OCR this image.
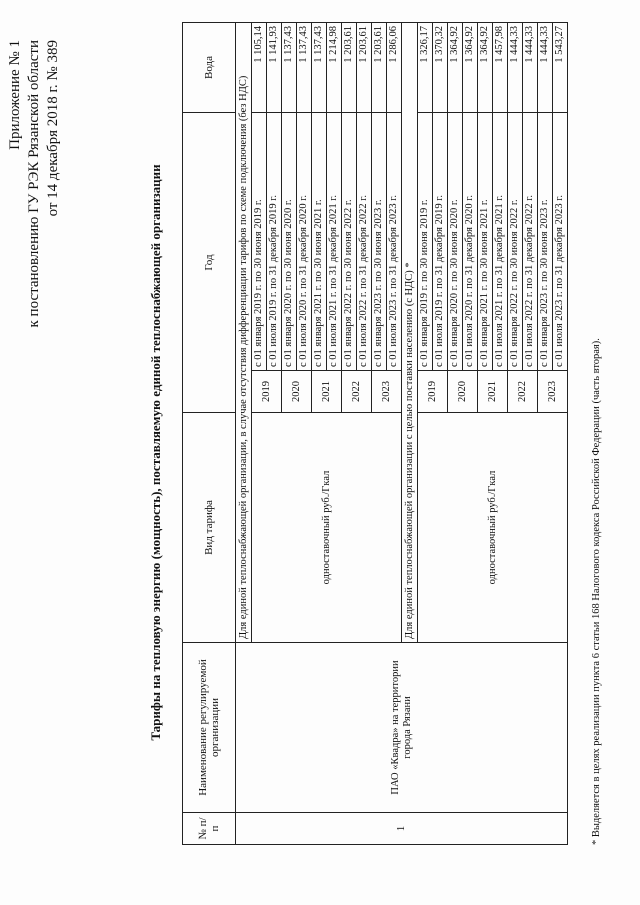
Приложение № 1 к постановлению ГУ РЭК Рязанской области от 14 декабря 2018 г. № 389
Тарифы на тепловую энергию (мощность), поставляемую единой теплоснабжающей организации
№ п/п	Наименование регулируемой организации	Вид тарифа	Год		Вода
1	ПАО «Квадра» на территории города Рязани	Для единой теплоснабжающей организации, в случае отсутствия дифференциации тарифов по схеме подключения (без НДС)			
		одноставочный руб./Гкал	2019	с 01 января 2019 г. по 30 июня 2019 г.	1 105,14
				с 01 июля 2019 г. по 31 декабря 2019 г.	1 141,93
			2020	с 01 января 2020 г. по 30 июня 2020 г.	1 137,43
				с 01 июля 2020 г. по 31 декабря 2020 г.	1 137,43
			2021	с 01 января 2021 г. по 30 июня 2021 г.	1 137,43
				с 01 июля 2021 г. по 31 декабря 2021 г.	1 214,98
			2022	с 01 января 2022 г. по 30 июня 2022 г.	1 203,61
				с 01 июля 2022 г. по 31 декабря 2022 г.	1 203,61
			2023	с 01 января 2023 г. по 30 июня 2023 г.	1 203,61
				с 01 июля 2023 г. по 31 декабря 2023 г.	1 286,06
		Для единой теплоснабжающей организации с целью поставки населению (с НДС) *			
		одноставочный руб./Гкал	2019	с 01 января 2019 г. по 30 июня 2019 г.	1 326,17
				с 01 июля 2019 г. по 31 декабря 2019 г.	1 370,32
			2020	с 01 января 2020 г. по 30 июня 2020 г.	1 364,92
				с 01 июля 2020 г. по 31 декабря 2020 г.	1 364,92
			2021	с 01 января 2021 г. по 30 июня 2021 г.	1 364,92
				с 01 июля 2021 г. по 31 декабря 2021 г.	1 457,98
			2022	с 01 января 2022 г. по 30 июня 2022 г.	1 444,33
				с 01 июля 2022 г. по 31 декабря 2022 г.	1 444,33
			2023	с 01 января 2023 г. по 30 июня 2023 г.	1 444,33
				с 01 июля 2023 г. по 31 декабря 2023 г.	1 543,27
* Выделяется в целях реализации пункта 6 статьи 168 Налогового кодекса Российской Федерации (часть вторая).
